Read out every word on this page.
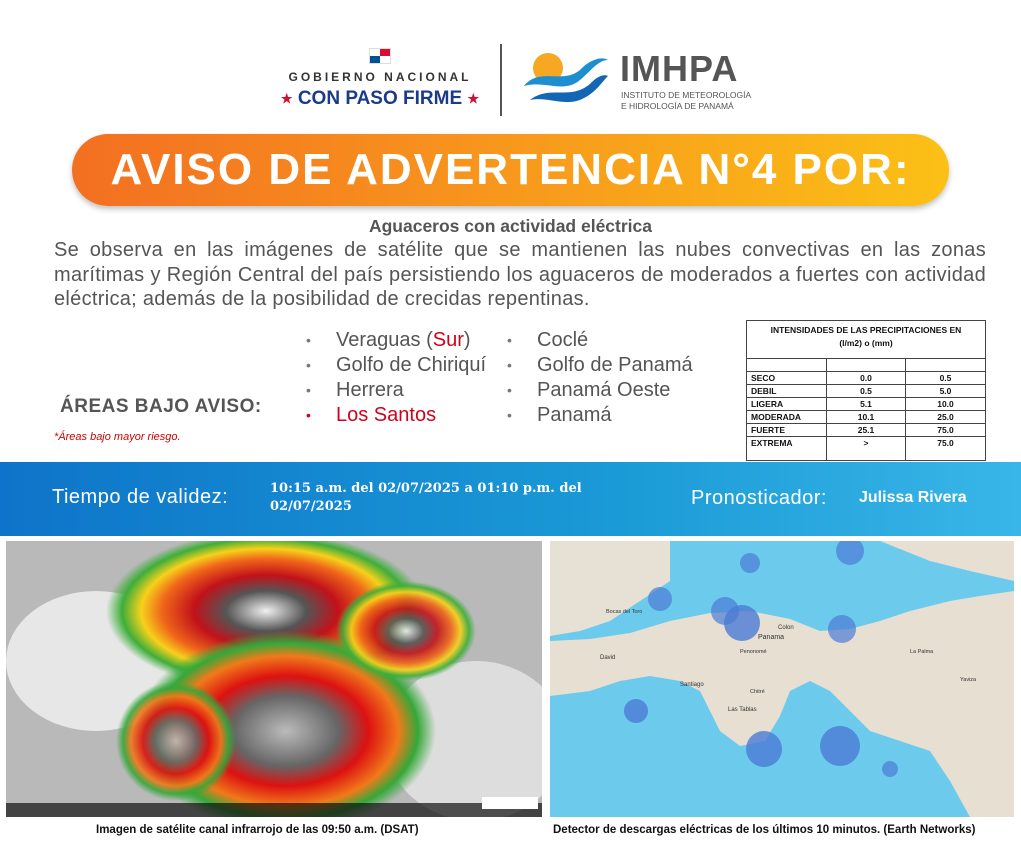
GOBIERNO NACIONAL
★ CON PASO FIRME ★
IMHPA
INSTITUTO DE METEOROLOGÍA
E HIDROLOGÍA DE PANAMÁ
AVISO DE ADVERTENCIA N°4 POR:
Aguaceros con actividad eléctrica
Se observa en las imágenes de satélite que se mantienen las nubes convectivas en las zonas marítimas y Región Central del país persistiendo los aguaceros de moderados a fuertes con actividad eléctrica; además de la posibilidad de crecidas repentinas.
ÁREAS BAJO AVISO:
*Áreas bajo mayor riesgo.
• Veraguas (Sur)
• Golfo de Chiriquí
• Herrera
• Los Santos
• Coclé
• Golfo de Panamá
• Panamá Oeste
• Panamá
INTENSIDADES DE LAS PRECIPITACIONES EN
(l/m2) o (mm)
SECO	0.0	0.5
DEBIL	0.5	5.0
LIGERA	5.1	10.0
MODERADA	10.1	25.0
FUERTE	25.1	75.0
EXTREMA	>	75.0
Tiempo de validez:	10:15 a.m. del 02/07/2025 a 01:10 p.m. del 02/07/2025	Pronosticador: Julissa Rivera
Panama
Colon
David
Santiago
Las Tablas
Penonomé
Chitré
Bocas del Toro
Yaviza
La Palma
Imagen de satélite canal infrarrojo de las 09:50 a.m. (DSAT)	Detector de descargas eléctricas de los últimos 10 minutos. (Earth Networks)
